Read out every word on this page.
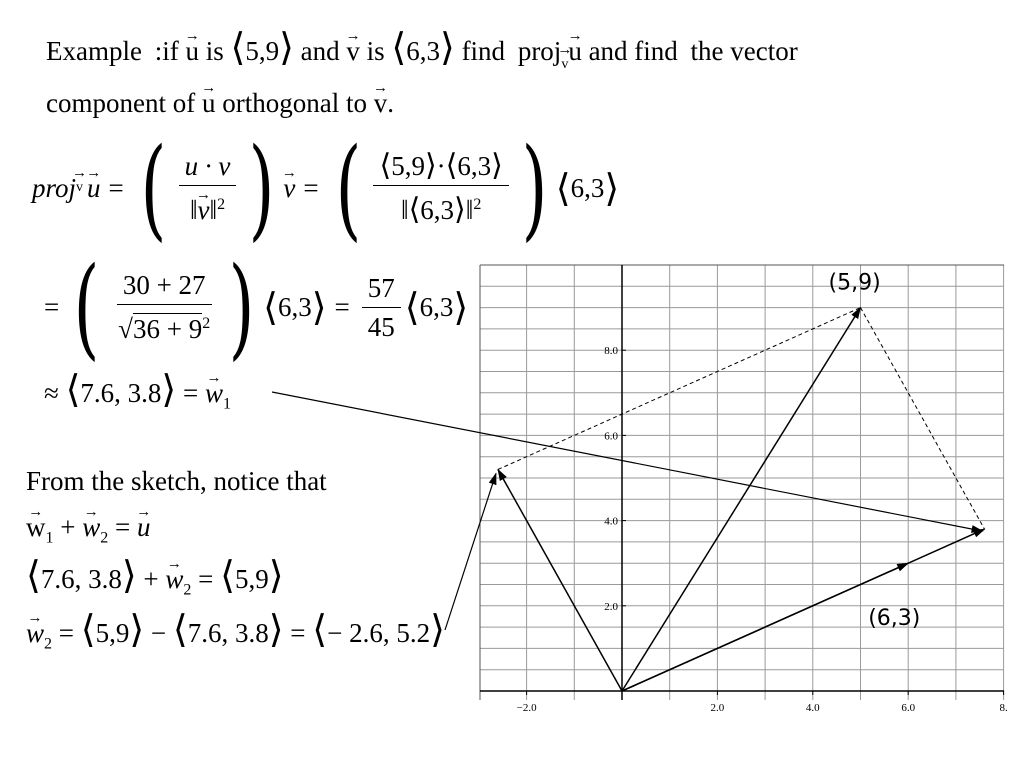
Example :if → u is ⟨5,9⟩ and → v is ⟨6,3⟩ find proj→ v→ u and find the vector
component of → u orthogonal to → v.
proj → v → u = ( $\frac{u \cdot v}{‖\to v‖^2}$ ) → v = ( $\frac{⟨5,9⟩\cdot⟨6,3⟩}{‖⟨6,3⟩‖^2}$ ) ⟨ 6,3 ⟩
= ( $\frac{30 + 27}{√36 + 9^2}$ ) ⟨ 6,3 ⟩ = $\frac{57}{45}$ ⟨ 6,3 ⟩
≈ ⟨7.6, 3.8⟩ = → $w_1$
From the sketch, notice that
→ $w_1$ + → $w_2$ = → u
⟨7.6, 3.8⟩ + → $w_2$ = ⟨5,9⟩
→ $w_2$ = ⟨5,9⟩ − ⟨7.6, 3.8⟩ = ⟨− 2.6, 5.2⟩
−2.0	2.0	4.0	6.0	8.
2.0
4.0
6.0
8.0
(5,9)
(6,3)
